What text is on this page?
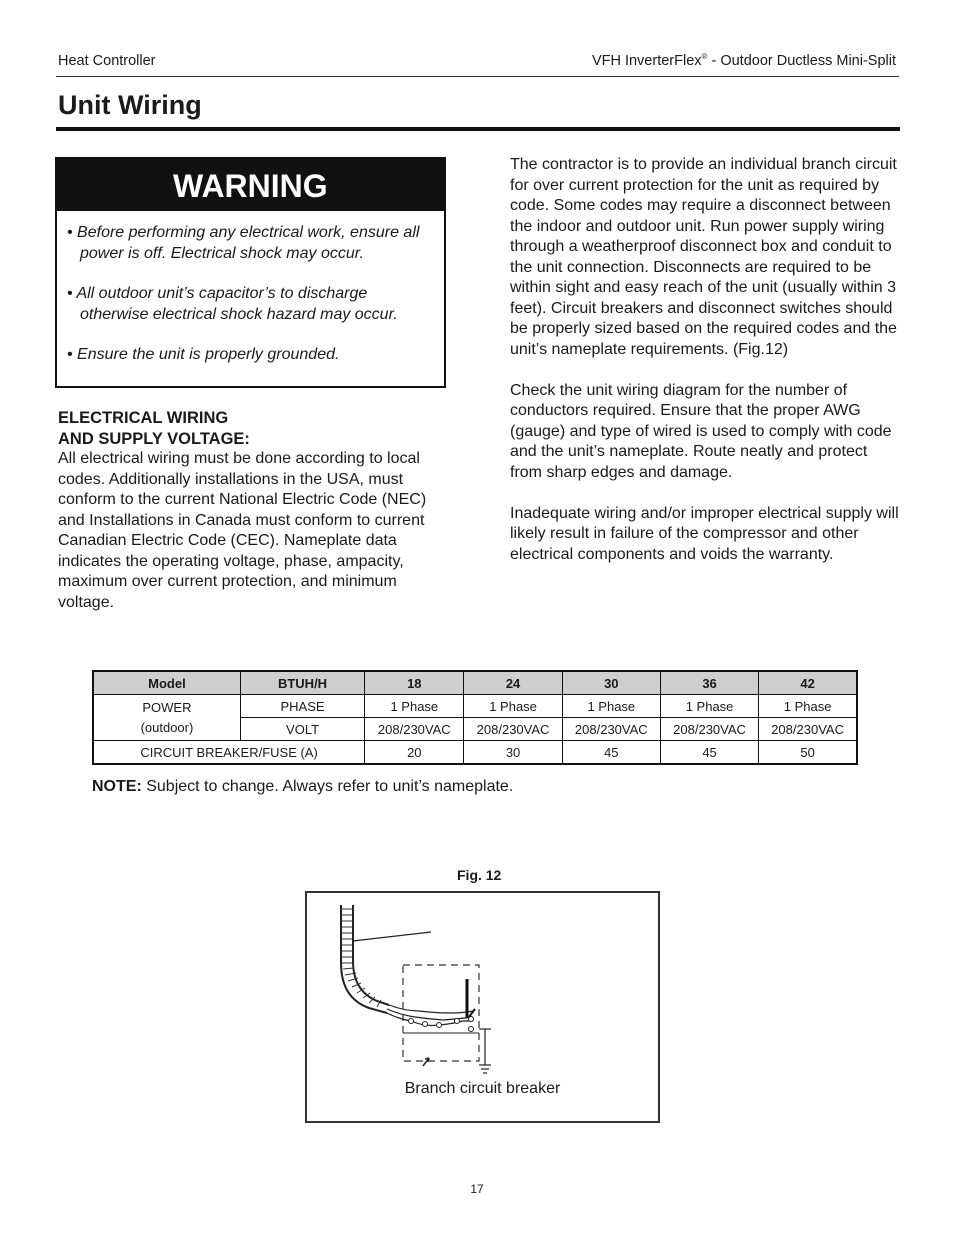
Heat Controller	VFH InverterFlex® - Outdoor Ductless Mini-Split
Unit Wiring
WARNING
• Before performing any electrical work, ensure all power is off. Electrical shock may occur.
• All outdoor unit’s capacitor’s to discharge otherwise electrical shock hazard may occur.
• Ensure the unit is properly grounded.
ELECTRICAL WIRING
AND SUPPLY VOLTAGE:
All electrical wiring must be done according to local codes. Additionally installations in the USA, must conform to the current National Electric Code (NEC) and Installations in Canada must conform to current Canadian Electric Code (CEC). Nameplate data indicates the operating voltage, phase, ampacity, maximum over current protection, and minimum voltage.

The contractor is to provide an individual branch circuit for over current protection for the unit as required by code. Some codes may require a disconnect between the indoor and outdoor unit. Run power supply wiring through a weatherproof disconnect box and conduit to the unit connection. Disconnects are required to be within sight and easy reach of the unit (usually within 3 feet). Circuit breakers and disconnect switches should be properly sized based on the required codes and the unit’s nameplate requirements. (Fig.12)

Check the unit wiring diagram for the number of conductors required. Ensure that the proper AWG (gauge) and type of wired is used to comply with code and the unit’s nameplate. Route neatly and protect from sharp edges and damage.

Inadequate wiring and/or improper electrical supply will likely result in failure of the compressor and other electrical components and voids the warranty.

Model	BTUH/H	18	24	30	36	42

POWER
(outdoor)	PHASE	1 Phase	1 Phase	1 Phase	1 Phase	1 Phase
	VOLT	208/230VAC	208/230VAC	208/230VAC	208/230VAC	208/230VAC
CIRCUIT BREAKER/FUSE (A)		20	30	45	45	50
NOTE: Subject to change. Always refer to unit’s nameplate.
Fig. 12
Branch circuit breaker
17
